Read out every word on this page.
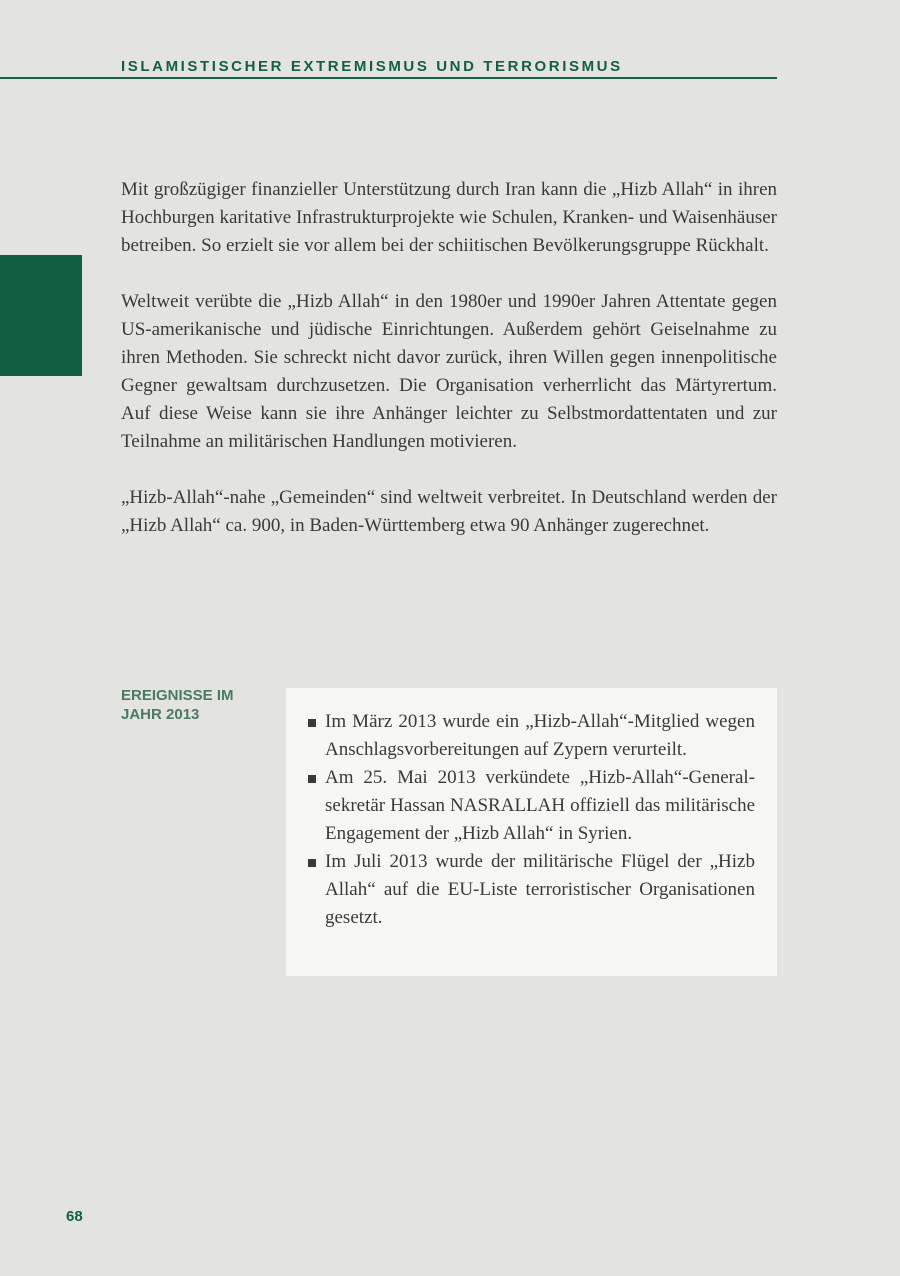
ISLAMISTISCHER EXTREMISMUS UND TERRORISMUS

Mit großzügiger finanzieller Unterstützung durch Iran kann die „Hizb Allah“ in ihren Hochburgen karitative Infrastrukturprojekte wie Schulen, Kranken- und Waisenhäuser betreiben. So erzielt sie vor allem bei der schiitischen Bevölkerungsgruppe Rückhalt.

Weltweit verübte die „Hizb Allah“ in den 1980er und 1990er Jahren Attentate gegen US-amerikanische und jüdische Einrichtungen. Außerdem gehört Geiselnahme zu ihren Methoden. Sie schreckt nicht davor zurück, ihren Willen gegen innenpolitische Gegner gewaltsam durchzusetzen. Die Organisation verherrlicht das Märtyrertum. Auf diese Weise kann sie ihre Anhänger leichter zu Selbstmordattentaten und zur Teilnahme an militärischen Handlungen motivieren.

„Hizb-Allah“-nahe „Gemeinden“ sind weltweit verbreitet. In Deutschland werden der „Hizb Allah“ ca. 900, in Baden-Württemberg etwa 90 Anhänger zugerechnet.

EREIGNISSE IM JAHR 2013	Im März 2013 wurde ein „Hizb-Allah“-Mitglied wegen Anschlagsvorbereitungen auf Zypern verurteilt.
Am 25. Mai 2013 verkündete „Hizb-Allah“-Generalsekretär Hassan NASRALLAH offiziell das militärische Engagement der „Hizb Allah“ in Syrien.
Im Juli 2013 wurde der militärische Flügel der „Hizb Allah“ auf die EU-Liste terroristischer Organisationen gesetzt.
68
